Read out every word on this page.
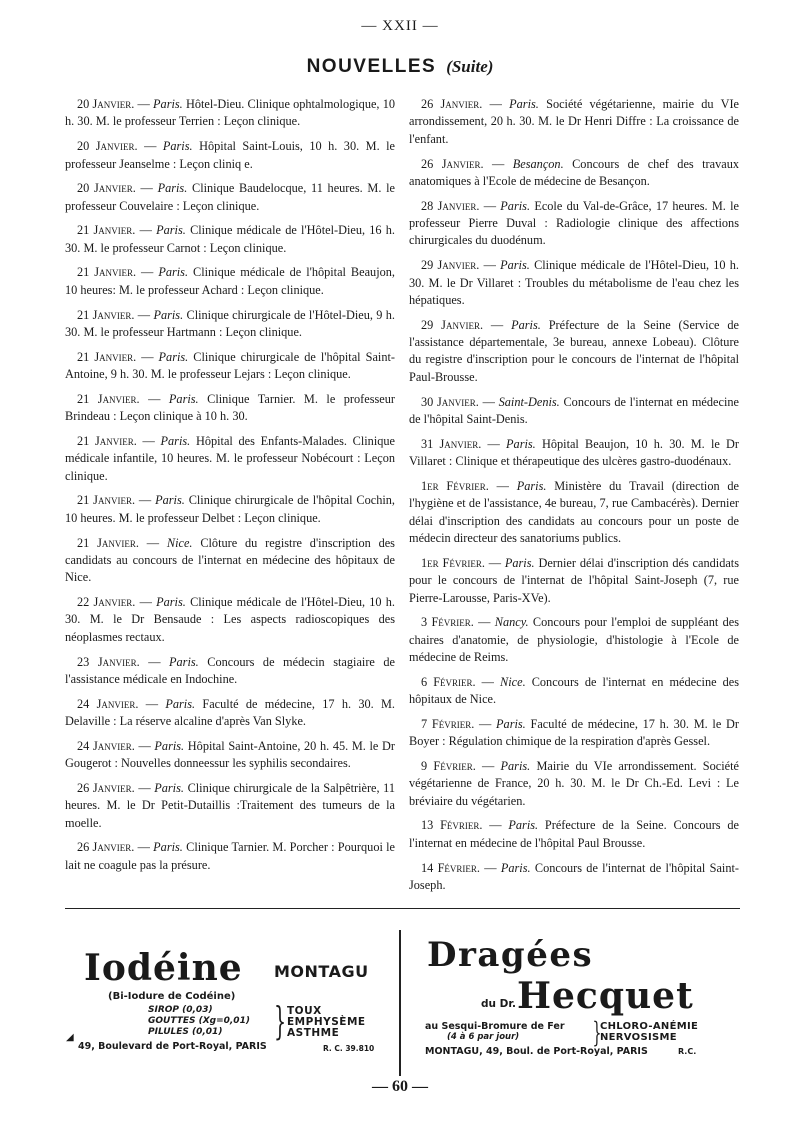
— XXII —
NOUVELLES (Suite)

20 Janvier. — Paris. Hôtel-Dieu. Clinique ophtalmologique, 10 h. 30. M. le professeur Terrien : Leçon clinique.

20 Janvier. — Paris. Hôpital Saint-Louis, 10 h. 30. M. le professeur Jeanselme : Leçon cliniq e.

20 Janvier. — Paris. Clinique Baudelocque, 11 heures. M. le professeur Couvelaire : Leçon clinique.

21 Janvier. — Paris. Clinique médicale de l'Hôtel-Dieu, 16 h. 30. M. le professeur Carnot : Leçon clinique.

21 Janvier. — Paris. Clinique médicale de l'hôpital Beaujon, 10 heures: M. le professeur Achard : Leçon clinique.

21 Janvier. — Paris. Clinique chirurgicale de l'Hôtel-Dieu, 9 h. 30. M. le professeur Hartmann : Leçon clinique.

21 Janvier. — Paris. Clinique chirurgicale de l'hôpital Saint-Antoine, 9 h. 30. M. le professeur Lejars : Leçon clinique.

21 Janvier. — Paris. Clinique Tarnier. M. le professeur Brindeau : Leçon clinique à 10 h. 30.

21 Janvier. — Paris. Hôpital des Enfants-Malades. Clinique médicale infantile, 10 heures. M. le professeur Nobécourt : Leçon clinique.

21 Janvier. — Paris. Clinique chirurgicale de l'hôpital Cochin, 10 heures. M. le professeur Delbet : Leçon clinique.

21 Janvier. — Nice. Clôture du registre d'inscription des candidats au concours de l'internat en médecine des hôpitaux de Nice.

22 Janvier. — Paris. Clinique médicale de l'Hôtel-Dieu, 10 h. 30. M. le Dr Bensaude : Les aspects radioscopiques des néoplasmes rectaux.

23 Janvier. — Paris. Concours de médecin stagiaire de l'assistance médicale en Indochine.

24 Janvier. — Paris. Faculté de médecine, 17 h. 30. M. Delaville : La réserve alcaline d'après Van Slyke.

24 Janvier. — Paris. Hôpital Saint-Antoine, 20 h. 45. M. le Dr Gougerot : Nouvelles donneessur les syphilis secondaires.

26 Janvier. — Paris. Clinique chirurgicale de la Salpêtrière, 11 heures. M. le Dr Petit-Dutaillis :Traitement des tumeurs de la moelle.

26 Janvier. — Paris. Clinique Tarnier. M. Porcher : Pourquoi le lait ne coagule pas la présure.

26 Janvier. — Paris. Société végétarienne, mairie du VIe arrondissement, 20 h. 30. M. le Dr Henri Diffre : La croissance de l'enfant.

26 Janvier. — Besançon. Concours de chef des travaux anatomiques à l'Ecole de médecine de Besançon.

28 Janvier. — Paris. Ecole du Val-de-Grâce, 17 heures. M. le professeur Pierre Duval : Radiologie clinique des affections chirurgicales du duodénum.

29 Janvier. — Paris. Clinique médicale de l'Hôtel-Dieu, 10 h. 30. M. le Dr Villaret : Troubles du métabolisme de l'eau chez les hépatiques.

29 Janvier. — Paris. Préfecture de la Seine (Service de l'assistance départementale, 3e bureau, annexe Lobeau). Clôture du registre d'inscription pour le concours de l'internat de l'hôpital Paul-Brousse.

30 Janvier. — Saint-Denis. Concours de l'internat en médecine de l'hôpital Saint-Denis.

31 Janvier. — Paris. Hôpital Beaujon, 10 h. 30. M. le Dr Villaret : Clinique et thérapeutique des ulcères gastro-duodénaux.

1er Février. — Paris. Ministère du Travail (direction de l'hygiène et de l'assistance, 4e bureau, 7, rue Cambacérès). Dernier délai d'inscription des candidats au concours pour un poste de médecin directeur des sanatoriums publics.

1er Février. — Paris. Dernier délai d'inscription dés candidats pour le concours de l'internat de l'hôpital Saint-Joseph (7, rue Pierre-Larousse, Paris-XVe).

3 Février. — Nancy. Concours pour l'emploi de suppléant des chaires d'anatomie, de physiologie, d'histologie à l'Ecole de médecine de Reims.

6 Février. — Nice. Concours de l'internat en médecine des hôpitaux de Nice.

7 Février. — Paris. Faculté de médecine, 17 h. 30. M. le Dr Boyer : Régulation chimique de la respiration d'après Gessel.

9 Février. — Paris. Mairie du VIe arrondissement. Société végétarienne de France, 20 h. 30. M. le Dr Ch.-Ed. Levi : Le bréviaire du végétarien.

13 Février. — Paris. Préfecture de la Seine. Concours de l'internat en médecine de l'hôpital Paul Brousse.

14 Février. — Paris. Concours de l'internat de l'hôpital Saint-Joseph.

Iodéine MONTAGU
(Bi-Iodure de Codéine)
SIROP (0,03)
GOUTTES (Xg=0,01)
PILULES (0,01)	} TOUX
EMPHYSÈME
ASTHME
◢
49, Boulevard de Port-Royal, PARIS	R. C. 39.810
Dragées
du Dr. Hecquet
au Sesqui-Bromure de Fer
(4 à 6 par jour)	}
CHLORO-ANÉMIE
NERVOSISME
MONTAGU, 49, Boul. de Port-Royal, PARIS	R.C.
— 60 —
